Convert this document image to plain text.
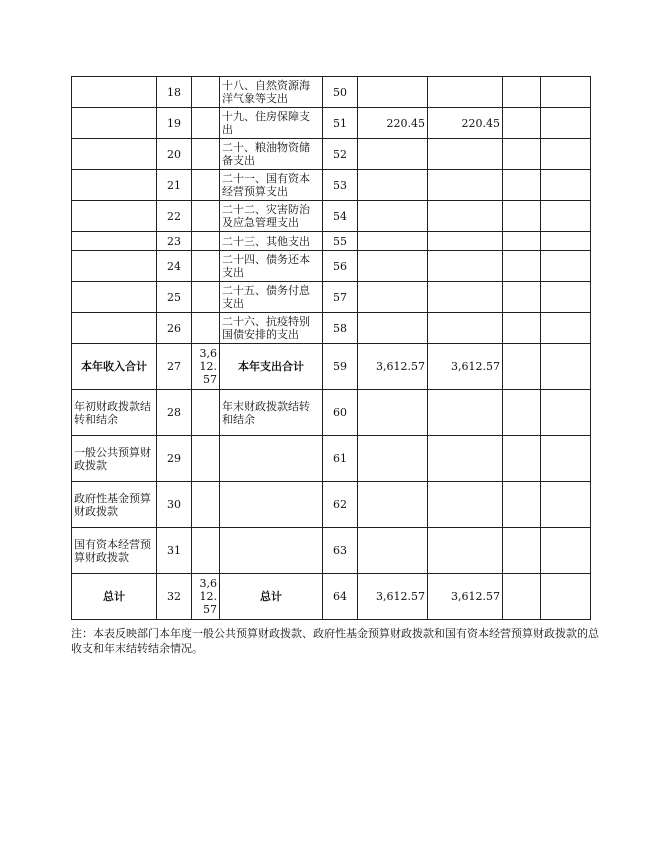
	18		十八、自然资源海洋气象等支出	50				
	19		十九、住房保障支出	51	220.45	220.45		
	20		二十、粮油物资储备支出	52				
	21		二十一、国有资本经营预算支出	53				
	22		二十二、灾害防治及应急管理支出	54				
	23		二十三、其他支出	55				
	24		二十四、债务还本支出	56				
	25		二十五、债务付息支出	57				
	26		二十六、抗疫特别国债安排的支出	58				
本年收入合计	27	3,612.57	本年支出合计	59	3,612.57	3,612.57		
年初财政拨款结转和结余	28		年末财政拨款结转和结余	60				
一般公共预算财政拨款	29			61				
政府性基金预算财政拨款	30			62				
国有资本经营预算财政拨款	31			63				
总计	32	3,612.57	总计	64	3,612.57	3,612.57		
注：本表反映部门本年度一般公共预算财政拨款、政府性基金预算财政拨款和国有资本经营预算财政拨款的总收支和年末结转结余情况。
